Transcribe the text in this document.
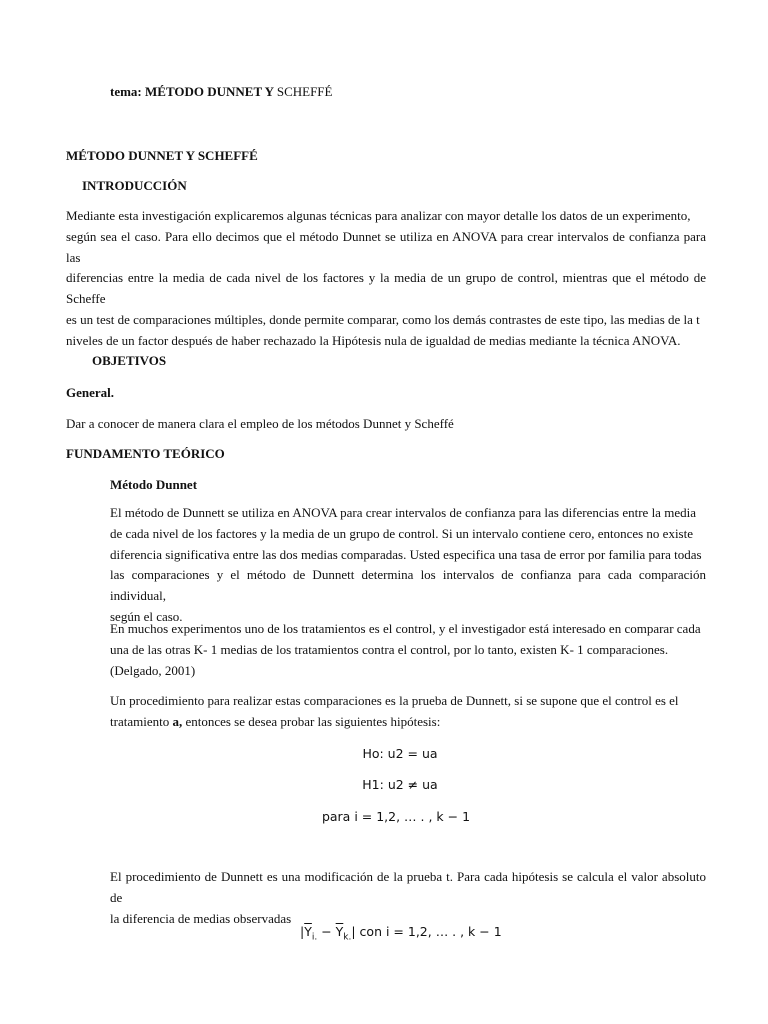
tema: MÉTODO DUNNET Y SCHEFFÉ
MÉTODO DUNNET Y SCHEFFÉ
INTRODUCCIÓN
Mediante esta investigación explicaremos algunas técnicas para analizar con mayor detalle los datos de un experimento,
según sea el caso. Para ello decimos que el método Dunnet se utiliza en ANOVA para crear intervalos de confianza para las
diferencias entre la media de cada nivel de los factores y la media de un grupo de control, mientras que el método de Scheffe
es un test de comparaciones múltiples, donde permite comparar, como los demás contrastes de este tipo, las medias de la t
niveles de un factor después de haber rechazado la Hipótesis nula de igualdad de medias mediante la técnica ANOVA.
OBJETIVOS
General.
Dar a conocer de manera clara el empleo de los métodos Dunnet y Scheffé
FUNDAMENTO TEÓRICO
Método Dunnet
El método de Dunnett se utiliza en ANOVA para crear intervalos de confianza para las diferencias entre la media
de cada nivel de los factores y la media de un grupo de control. Si un intervalo contiene cero, entonces no existe
diferencia significativa entre las dos medias comparadas. Usted especifica una tasa de error por familia para todas
las comparaciones y el método de Dunnett determina los intervalos de confianza para cada comparación individual,
según el caso.
En muchos experimentos uno de los tratamientos es el control, y el investigador está interesado en comparar cada
una de las otras K- 1 medias de los tratamientos contra el control, por lo tanto, existen K- 1 comparaciones.
(Delgado, 2001)
Un procedimiento para realizar estas comparaciones es la prueba de Dunnett, si se supone que el control es el
tratamiento a, entonces se desea probar las siguientes hipótesis:
Ho: u2 = ua
H1: u2 ≠ ua
para i = 1,2, … . , k − 1
El procedimiento de Dunnett es una modificación de la prueba t. Para cada hipótesis se calcula el valor absoluto de
la diferencia de medias observadas
$|\overline{Y}_{i.} - \overline{Y}_{k.}|$ con i = 1,2, … . , k − 1
